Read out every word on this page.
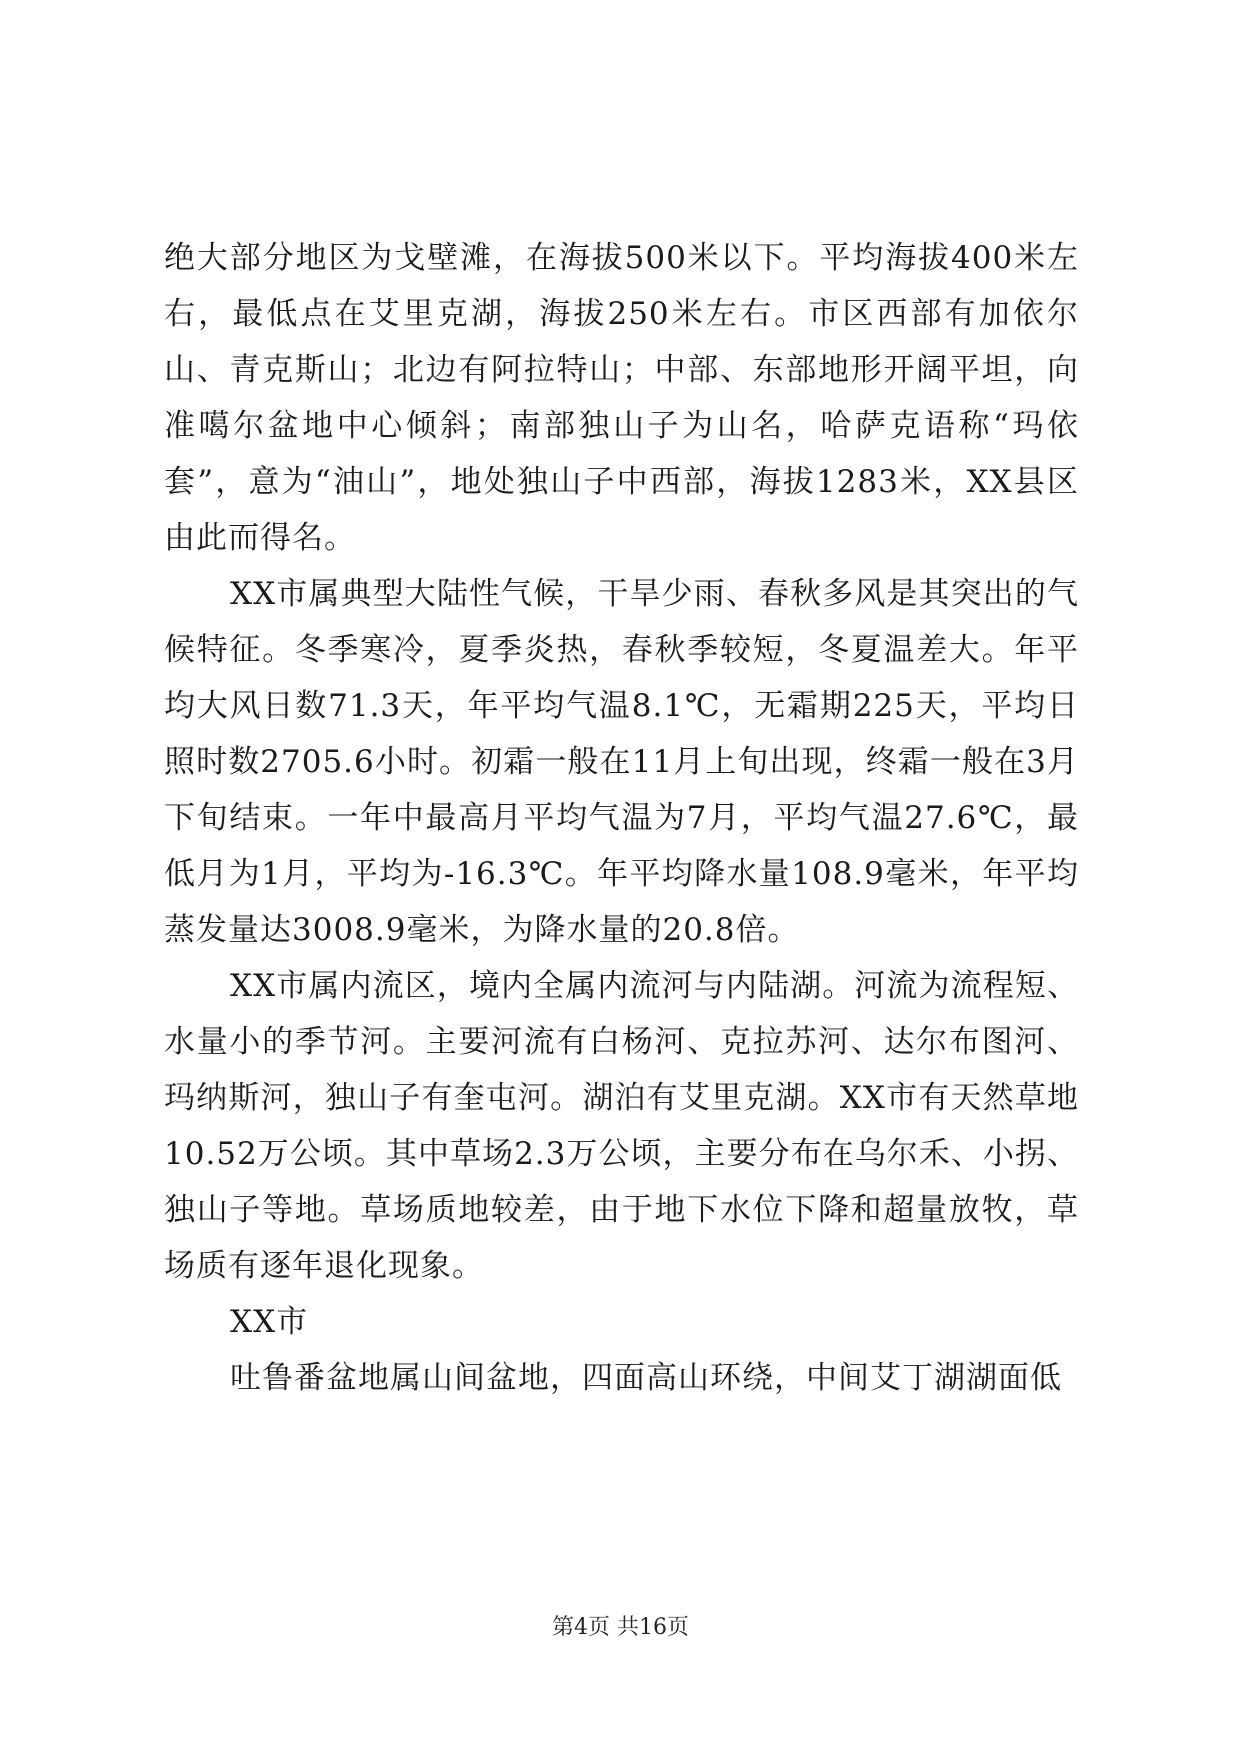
绝大部分地区为戈壁滩，在海拔500米以下。平均海拔400米左右，最低点在艾里克湖，海拔250米左右。市区西部有加依尔山、青克斯山；北边有阿拉特山；中部、东部地形开阔平坦，向准噶尔盆地中心倾斜；南部独山子为山名，哈萨克语称“玛依套”，意为“油山”，地处独山子中西部，海拔1283米，XX县区由此而得名。

XX市属典型大陆性气候，干旱少雨、春秋多风是其突出的气候特征。冬季寒冷，夏季炎热，春秋季较短，冬夏温差大。年平均大风日数71.3天，年平均气温8.1℃，无霜期225天，平均日照时数2705.6小时。初霜一般在11月上旬出现，终霜一般在3月下旬结束。一年中最高月平均气温为7月，平均气温27.6℃，最低月为1月，平均为-16.3℃。年平均降水量108.9毫米，年平均蒸发量达3008.9毫米，为降水量的20.8倍。

XX市属内流区，境内全属内流河与内陆湖。河流为流程短、水量小的季节河。主要河流有白杨河、克拉苏河、达尔布图河、玛纳斯河，独山子有奎屯河。湖泊有艾里克湖。XX市有天然草地10.52万公顷。其中草场2.3万公顷，主要分布在乌尔禾、小拐、独山子等地。草场质地较差，由于地下水位下降和超量放牧，草场质有逐年退化现象。

XX市

吐鲁番盆地属山间盆地，四面高山环绕，中间艾丁湖湖面低

第4页 共16页
